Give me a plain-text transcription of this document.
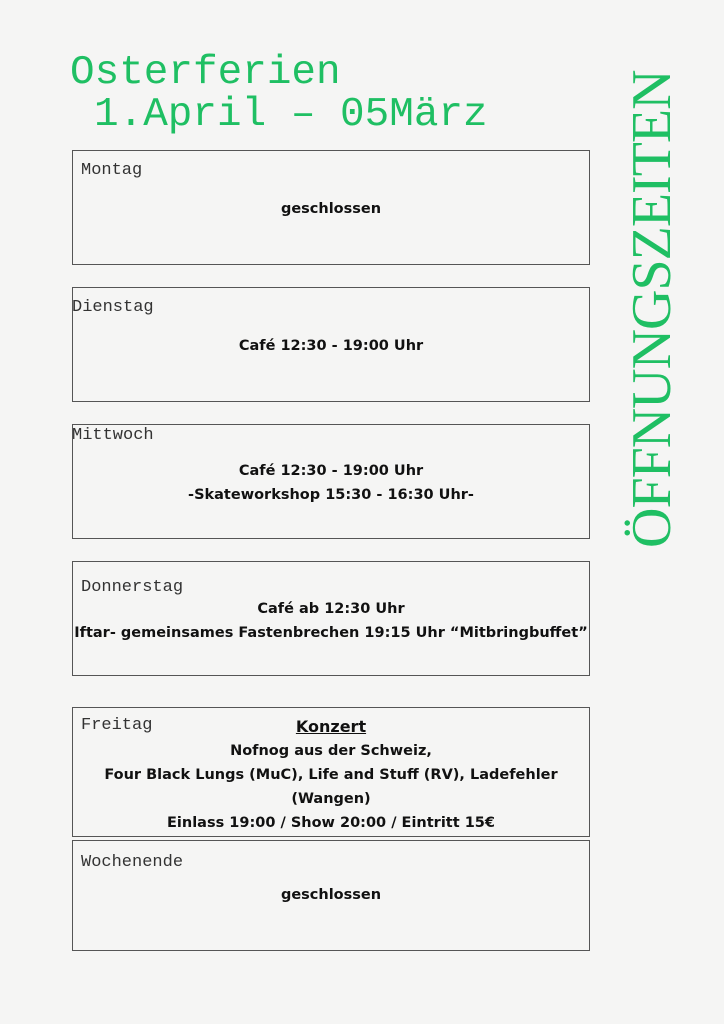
Osterferien

1.April – 05März ÖFFNUNGSZEITEN
Montag
geschlossen
Dienstag
Café 12:30 - 19:00 Uhr
Mittwoch
Café 12:30 - 19:00 Uhr
-Skateworkshop 15:30 - 16:30 Uhr-
Donnerstag
Café ab 12:30 Uhr
Iftar- gemeinsames Fastenbrechen 19:15 Uhr “Mitbringbuffet”
Freitag	Konzert
Nofnog aus der Schweiz,
Four Black Lungs (MuC), Life and Stuff (RV), Ladefehler
(Wangen)
Einlass 19:00 / Show 20:00 / Eintritt 15€
Wochenende
geschlossen
